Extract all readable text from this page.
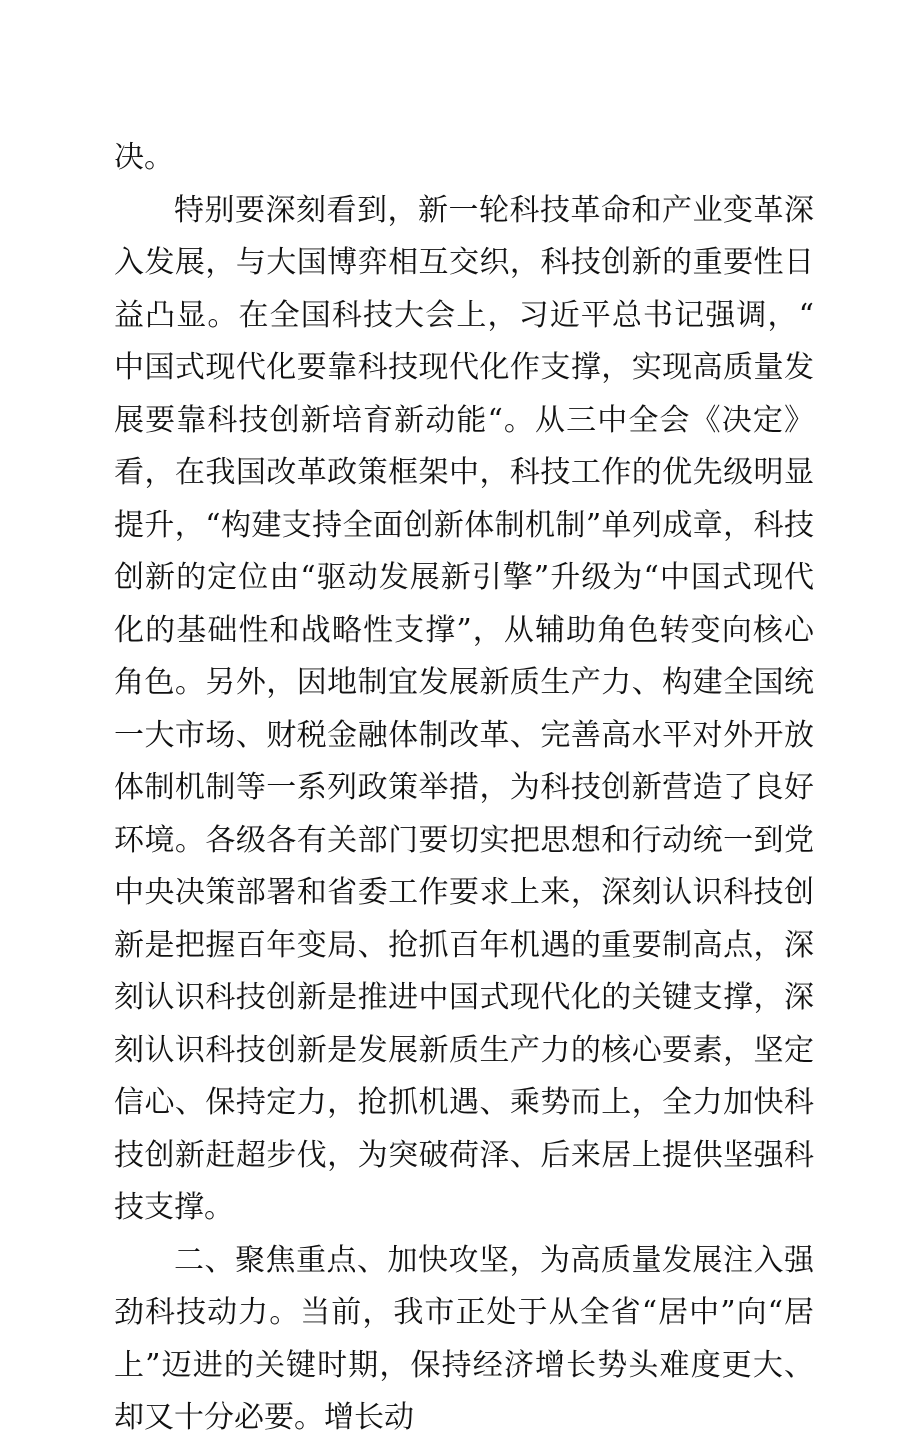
决。

特别要深刻看到，新一轮科技革命和产业变革深入发展，与大国博弈相互交织，科技创新的重要性日益凸显。在全国科技大会上，习近平总书记强调，“中国式现代化要靠科技现代化作支撑，实现高质量发展要靠科技创新培育新动能“。从三中全会《决定》看，在我国改革政策框架中，科技工作的优先级明显提升，“构建支持全面创新体制机制”单列成章，科技创新的定位由“驱动发展新引擎”升级为“中国式现代化的基础性和战略性支撑”，从辅助角色转变向核心角色。另外，因地制宜发展新质生产力、构建全国统一大市场、财税金融体制改革、完善高水平对外开放体制机制等一系列政策举措，为科技创新营造了良好环境。各级各有关部门要切实把思想和行动统一到党中央决策部署和省委工作要求上来，深刻认识科技创新是把握百年变局、抢抓百年机遇的重要制高点，深刻认识科技创新是推进中国式现代化的关键支撑，深刻认识科技创新是发展新质生产力的核心要素，坚定信心、保持定力，抢抓机遇、乘势而上，全力加快科技创新赶超步伐，为突破荷泽、后来居上提供坚强科技支撑。

二、聚焦重点、加快攻坚，为高质量发展注入强劲科技动力。当前，我市正处于从全省“居中”向“居上”迈进的关键时期，保持经济增长势头难度更大、却又十分必要。增长动
